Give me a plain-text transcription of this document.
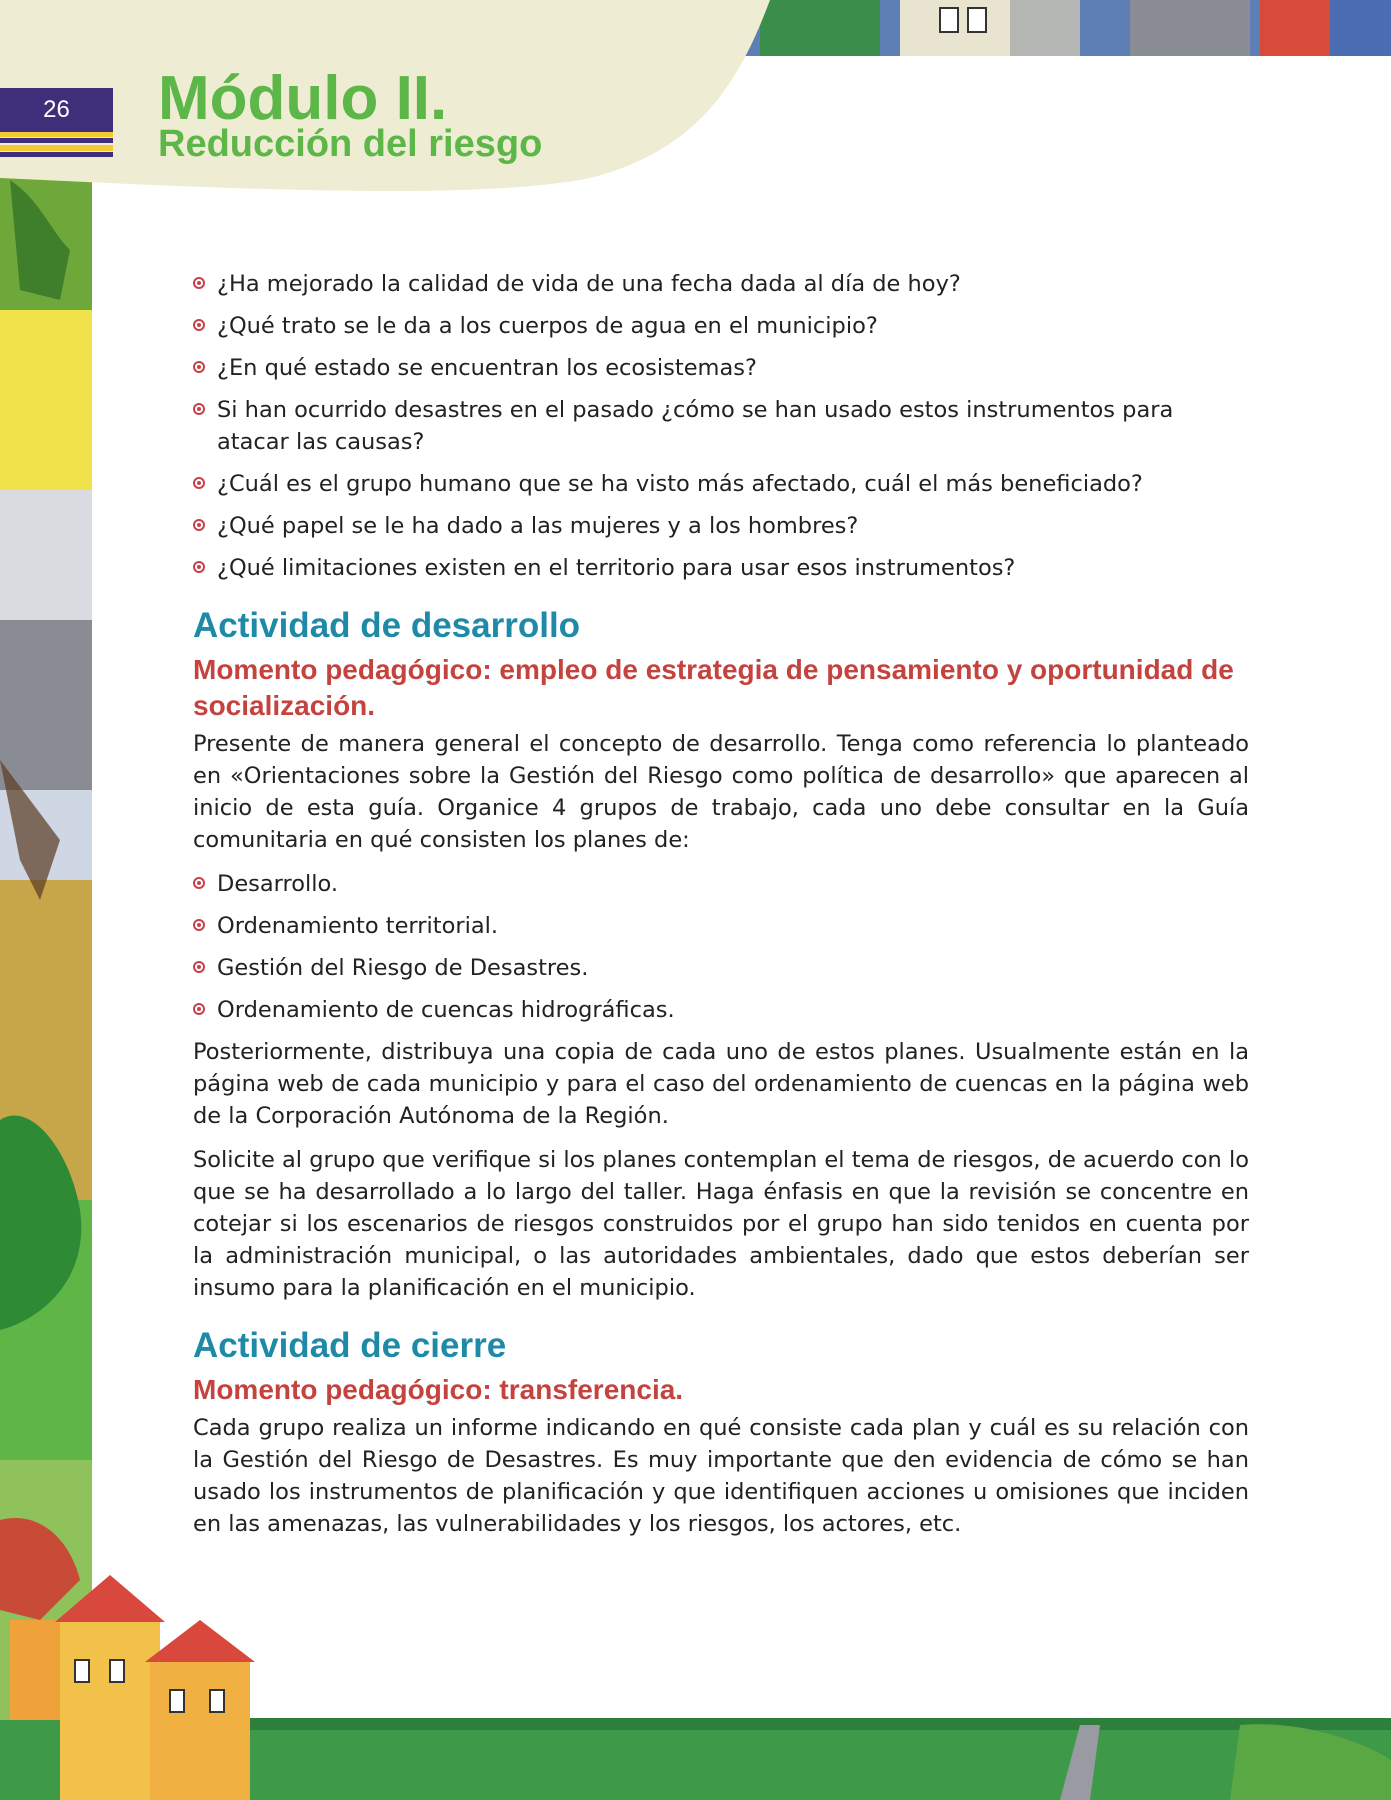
26	Módulo II.
Reducción del riesgo
¿Ha mejorado la calidad de vida de una fecha dada al día de hoy?
¿Qué trato se le da a los cuerpos de agua en el municipio?
¿En qué estado se encuentran los ecosistemas?
Si han ocurrido desastres en el pasado ¿cómo se han usado estos instrumentos para atacar las causas?
¿Cuál es el grupo humano que se ha visto más afectado, cuál el más beneficiado?
¿Qué papel se le ha dado a las mujeres y a los hombres?
¿Qué limitaciones existen en el territorio para usar esos instrumentos?
Actividad de desarrollo
Momento pedagógico: empleo de estrategia de pensamiento y oportunidad de socialización.

Presente de manera general el concepto de desarrollo. Tenga como referencia lo planteado en «Orientaciones sobre la Gestión del Riesgo como política de desarrollo» que aparecen al inicio de esta guía. Organice 4 grupos de trabajo, cada uno debe consultar en la Guía comunitaria en qué consisten los planes de:

Desarrollo.
Ordenamiento territorial.
Gestión del Riesgo de Desastres.
Ordenamiento de cuencas hidrográficas.

Posteriormente, distribuya una copia de cada uno de estos planes. Usualmente están en la página web de cada municipio y para el caso del ordenamiento de cuencas en la página web de la Corporación Autónoma de la Región.

Solicite al grupo que verifique si los planes contemplan el tema de riesgos, de acuerdo con lo que se ha desarrollado a lo largo del taller. Haga énfasis en que la revisión se concentre en cotejar si los escenarios de riesgos construidos por el grupo han sido tenidos en cuenta por la administración municipal, o las autoridades ambientales, dado que estos deberían ser insumo para la planificación en el municipio.

Actividad de cierre
Momento pedagógico: transferencia.

Cada grupo realiza un informe indicando en qué consiste cada plan y cuál es su relación con la Gestión del Riesgo de Desastres. Es muy importante que den evidencia de cómo se han usado los instrumentos de planificación y que identifiquen acciones u omisiones que inciden en las amenazas, las vulnerabilidades y los riesgos, los actores, etc.
